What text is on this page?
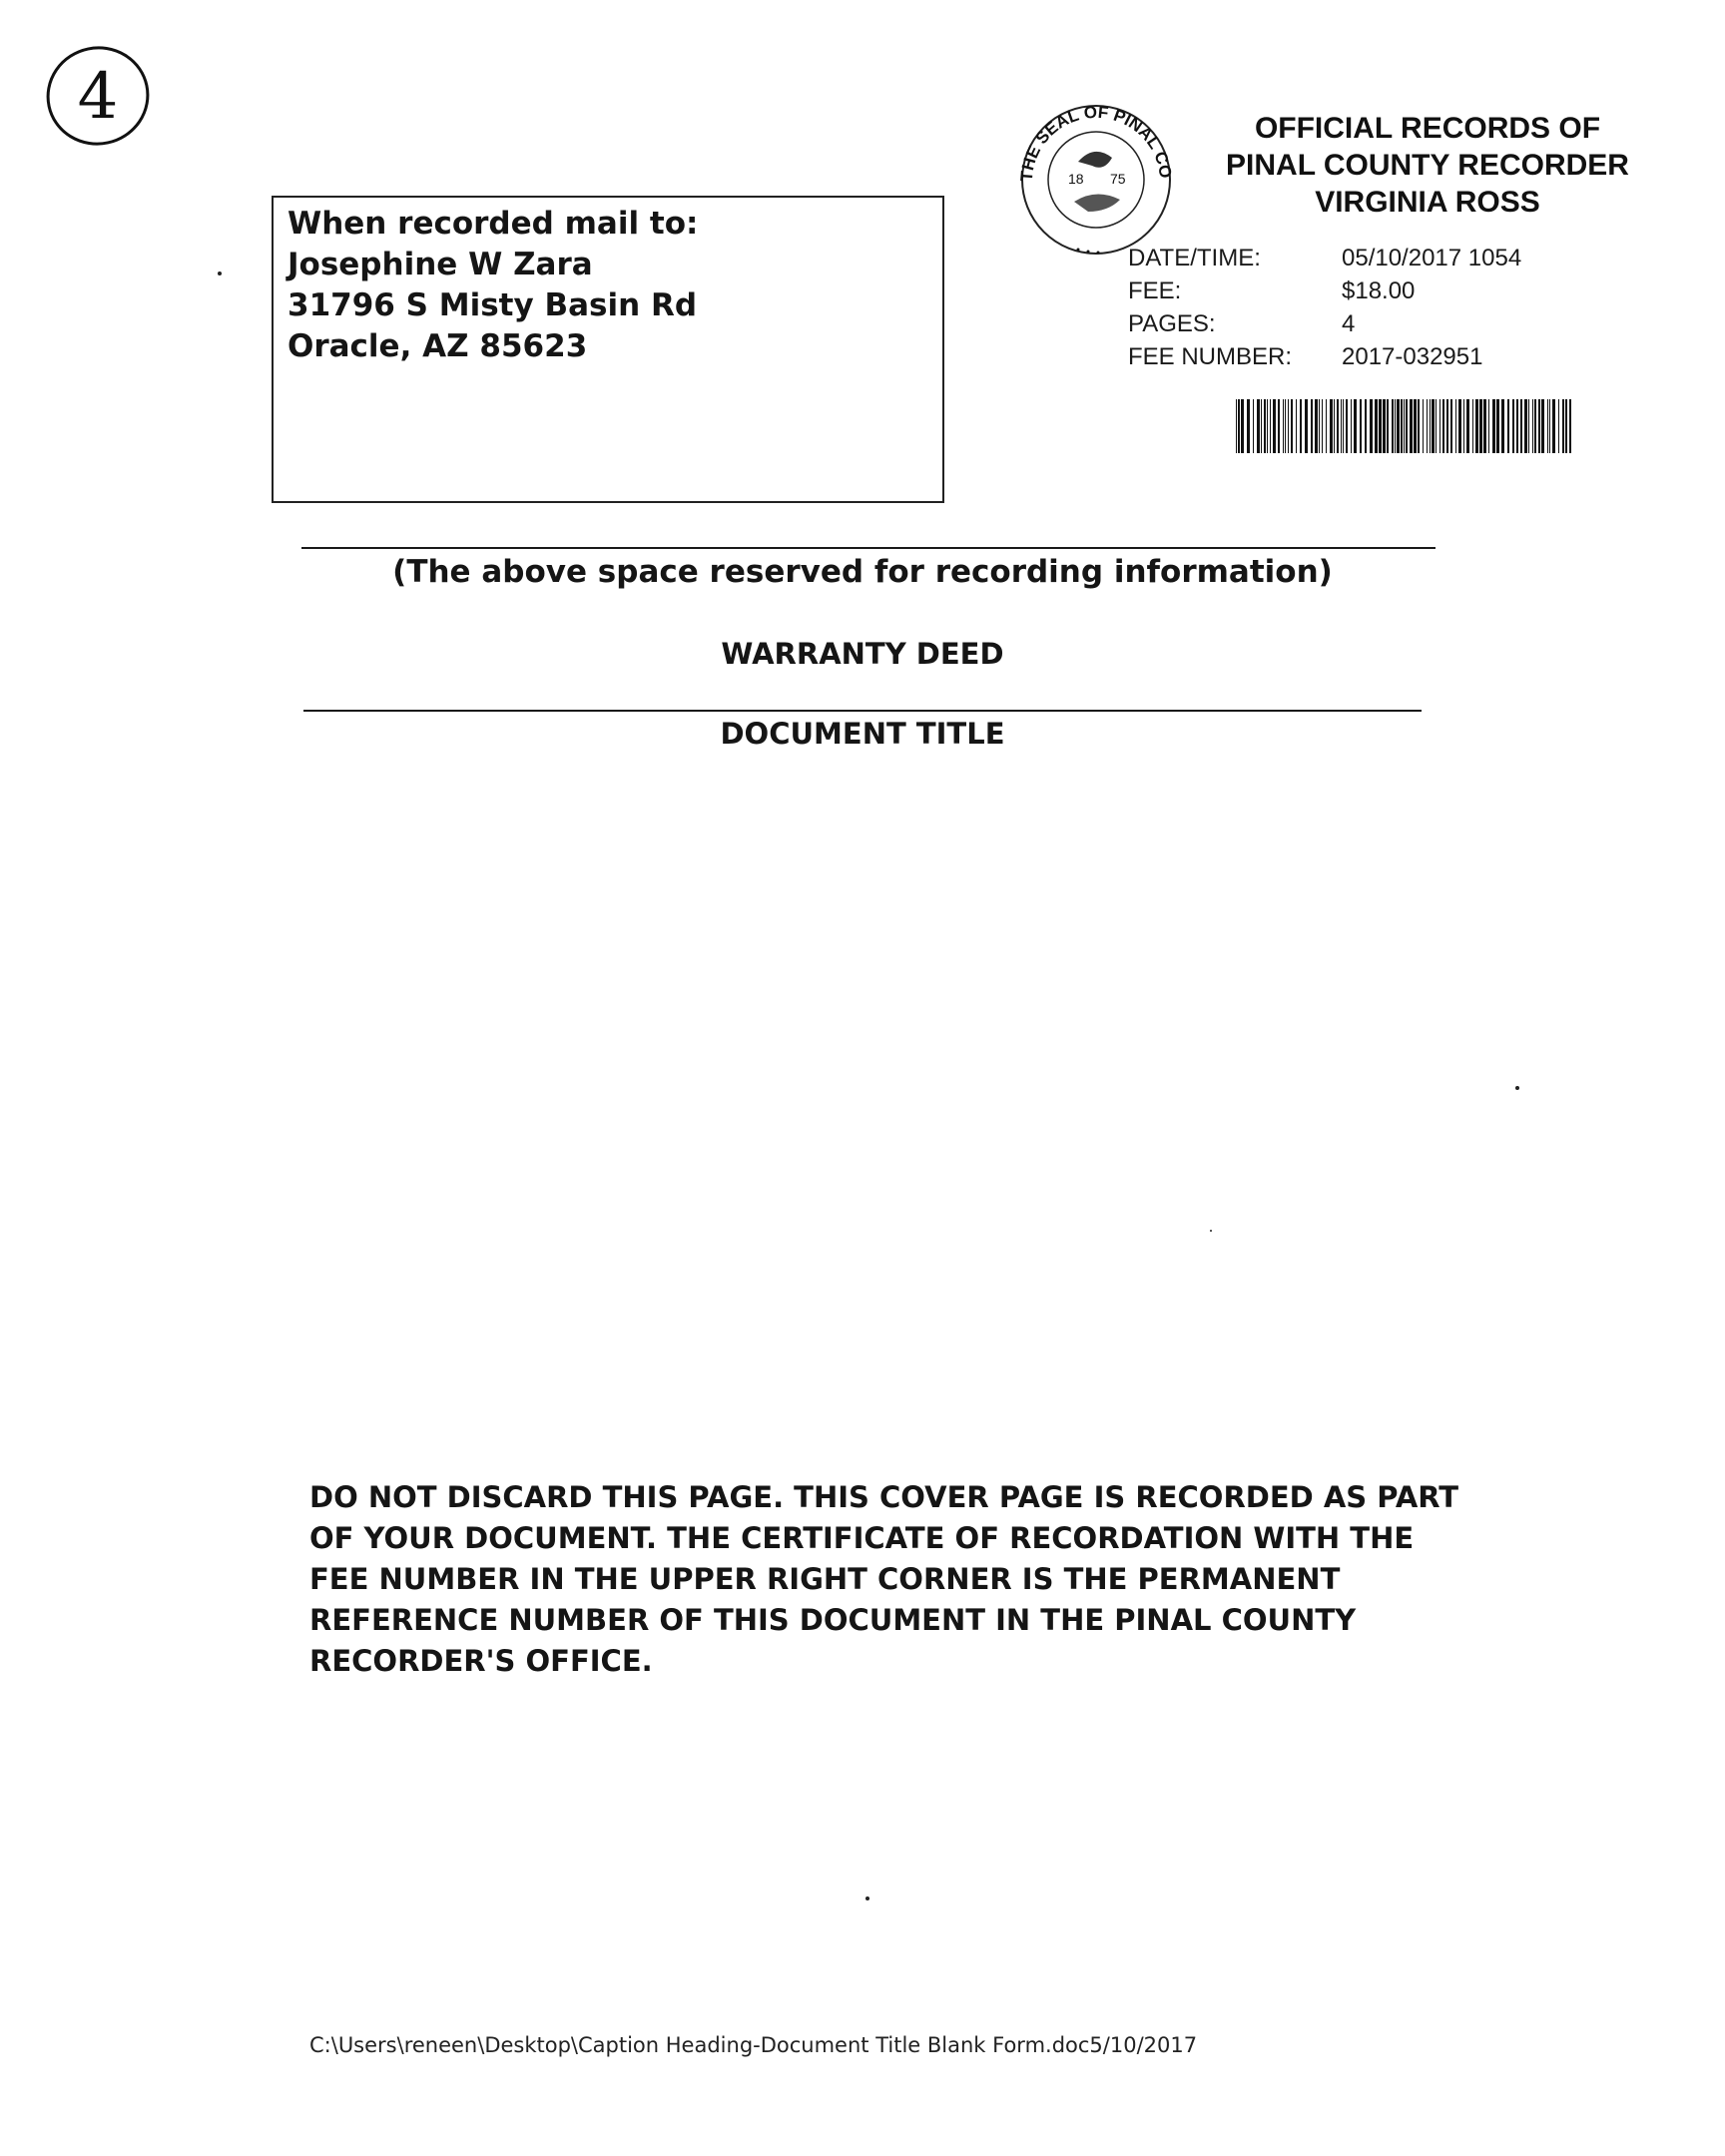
4
When recorded mail to:
Josephine W Zara
31796 S Misty Basin Rd
Oracle, AZ 85623
THE SEAL OF PINAL CO
18 75
OFFICIAL RECORDS OF
PINAL COUNTY RECORDER
VIRGINIA ROSS
DATE/TIME:	05/10/2017 1054
FEE:	$18.00
PAGES:	4
FEE NUMBER:	2017-032951
(The above space reserved for recording information)
WARRANTY DEED
DOCUMENT TITLE
DO NOT DISCARD THIS PAGE. THIS COVER PAGE IS RECORDED AS PART
OF YOUR DOCUMENT. THE CERTIFICATE OF RECORDATION WITH THE
FEE NUMBER IN THE UPPER RIGHT CORNER IS THE PERMANENT
REFERENCE NUMBER OF THIS DOCUMENT IN THE PINAL COUNTY
RECORDER'S OFFICE.
C:\Users\reneen\Desktop\Caption Heading-Document Title Blank Form.doc5/10/2017
